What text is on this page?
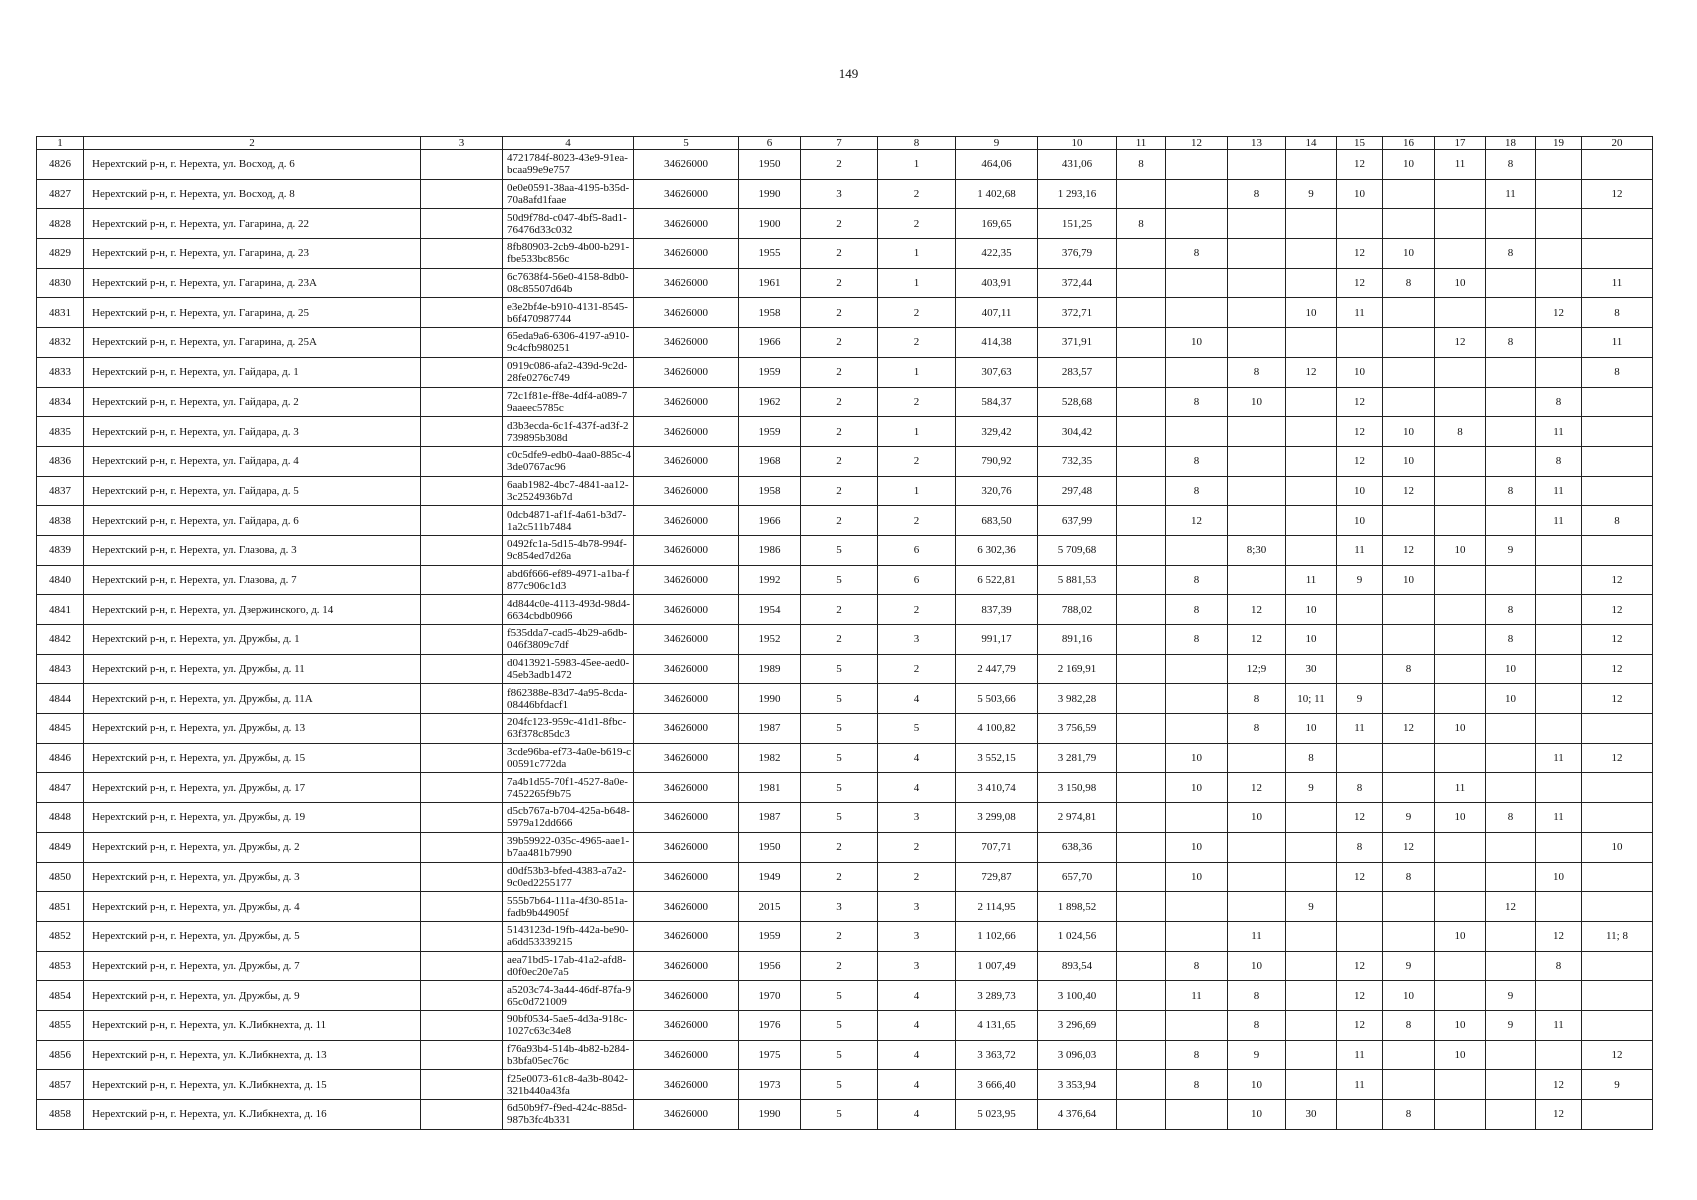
149
1	2	3	4	5	6	7	8	9	10	11	12	13	14	15	16	17	18	19	20
4826	Нерехтский р-н, г. Нерехта, ул. Восход, д. 6		4721784f-8023-43e9-91ea-bcaa99e9e757	34626000	1950	2	1	464,06	431,06	8				12	10	11	8		
4827	Нерехтский р-н, г. Нерехта, ул. Восход, д. 8		0e0e0591-38aa-4195-b35d-70a8afd1faae	34626000	1990	3	2	1 402,68	1 293,16			8	9	10			11		12
4828	Нерехтский р-н, г. Нерехта, ул. Гагарина, д. 22		50d9f78d-c047-4bf5-8ad1-76476d33c032	34626000	1900	2	2	169,65	151,25	8									
4829	Нерехтский р-н, г. Нерехта, ул. Гагарина, д. 23		8fb80903-2cb9-4b00-b291-fbe533bc856c	34626000	1955	2	1	422,35	376,79		8			12	10		8		
4830	Нерехтский р-н, г. Нерехта, ул. Гагарина, д. 23А		6c7638f4-56e0-4158-8db0-08c85507d64b	34626000	1961	2	1	403,91	372,44					12	8	10			11
4831	Нерехтский р-н, г. Нерехта, ул. Гагарина, д. 25		e3e2bf4e-b910-4131-8545-b6f470987744	34626000	1958	2	2	407,11	372,71				10	11				12	8
4832	Нерехтский р-н, г. Нерехта, ул. Гагарина, д. 25А		65eda9a6-6306-4197-a910-9c4cfb980251	34626000	1966	2	2	414,38	371,91		10					12	8		11
4833	Нерехтский р-н, г. Нерехта, ул. Гайдара, д. 1		0919c086-afa2-439d-9c2d-28fe0276c749	34626000	1959	2	1	307,63	283,57			8	12	10					8
4834	Нерехтский р-н, г. Нерехта, ул. Гайдара, д. 2		72c1f81e-ff8e-4df4-a089-79aaeec5785c	34626000	1962	2	2	584,37	528,68		8	10		12				8	
4835	Нерехтский р-н, г. Нерехта, ул. Гайдара, д. 3		d3b3ecda-6c1f-437f-ad3f-2739895b308d	34626000	1959	2	1	329,42	304,42					12	10	8		11	
4836	Нерехтский р-н, г. Нерехта, ул. Гайдара, д. 4		c0c5dfe9-edb0-4aa0-885c-43de0767ac96	34626000	1968	2	2	790,92	732,35		8			12	10			8	
4837	Нерехтский р-н, г. Нерехта, ул. Гайдара, д. 5		6aab1982-4bc7-4841-aa12-3c2524936b7d	34626000	1958	2	1	320,76	297,48		8			10	12		8	11	
4838	Нерехтский р-н, г. Нерехта, ул. Гайдара, д. 6		0dcb4871-af1f-4a61-b3d7-1a2c511b7484	34626000	1966	2	2	683,50	637,99		12			10				11	8
4839	Нерехтский р-н, г. Нерехта, ул. Глазова, д. 3		0492fc1a-5d15-4b78-994f-9c854ed7d26a	34626000	1986	5	6	6 302,36	5 709,68			8;30		11	12	10	9		
4840	Нерехтский р-н, г. Нерехта, ул. Глазова, д. 7		abd6f666-ef89-4971-a1ba-f877c906c1d3	34626000	1992	5	6	6 522,81	5 881,53		8		11	9	10				12
4841	Нерехтский р-н, г. Нерехта, ул. Дзержинского, д. 14		4d844c0e-4113-493d-98d4-6634cbdb0966	34626000	1954	2	2	837,39	788,02		8	12	10				8		12
4842	Нерехтский р-н, г. Нерехта, ул. Дружбы, д. 1		f535dda7-cad5-4b29-a6db-046f3809c7df	34626000	1952	2	3	991,17	891,16		8	12	10				8		12
4843	Нерехтский р-н, г. Нерехта, ул. Дружбы, д. 11		d0413921-5983-45ee-aed0-45eb3adb1472	34626000	1989	5	2	2 447,79	2 169,91			12;9	30		8		10		12
4844	Нерехтский р-н, г. Нерехта, ул. Дружбы, д. 11А		f862388e-83d7-4a95-8cda-08446bfdacf1	34626000	1990	5	4	5 503,66	3 982,28			8	10; 11	9			10		12
4845	Нерехтский р-н, г. Нерехта, ул. Дружбы, д. 13		204fc123-959c-41d1-8fbc-63f378c85dc3	34626000	1987	5	5	4 100,82	3 756,59			8	10	11	12	10			
4846	Нерехтский р-н, г. Нерехта, ул. Дружбы, д. 15		3cde96ba-ef73-4a0e-b619-c00591c772da	34626000	1982	5	4	3 552,15	3 281,79		10		8					11	12
4847	Нерехтский р-н, г. Нерехта, ул. Дружбы, д. 17		7a4b1d55-70f1-4527-8a0e-7452265f9b75	34626000	1981	5	4	3 410,74	3 150,98		10	12	9	8		11			
4848	Нерехтский р-н, г. Нерехта, ул. Дружбы, д. 19		d5cb767a-b704-425a-b648-5979a12dd666	34626000	1987	5	3	3 299,08	2 974,81			10		12	9	10	8	11	
4849	Нерехтский р-н, г. Нерехта, ул. Дружбы, д. 2		39b59922-035c-4965-aae1-b7aa481b7990	34626000	1950	2	2	707,71	638,36		10			8	12				10
4850	Нерехтский р-н, г. Нерехта, ул. Дружбы, д. 3		d0df53b3-bfed-4383-a7a2-9c0ed2255177	34626000	1949	2	2	729,87	657,70		10			12	8			10	
4851	Нерехтский р-н, г. Нерехта, ул. Дружбы, д. 4		555b7b64-111a-4f30-851a-fadb9b44905f	34626000	2015	3	3	2 114,95	1 898,52				9				12		
4852	Нерехтский р-н, г. Нерехта, ул. Дружбы, д. 5		5143123d-19fb-442a-be90-a6dd53339215	34626000	1959	2	3	1 102,66	1 024,56			11				10		12	11; 8
4853	Нерехтский р-н, г. Нерехта, ул. Дружбы, д. 7		aea71bd5-17ab-41a2-afd8-d0f0ec20e7a5	34626000	1956	2	3	1 007,49	893,54		8	10		12	9			8	
4854	Нерехтский р-н, г. Нерехта, ул. Дружбы, д. 9		a5203c74-3a44-46df-87fa-965c0d721009	34626000	1970	5	4	3 289,73	3 100,40		11	8		12	10		9		
4855	Нерехтский р-н, г. Нерехта, ул. К.Либкнехта, д. 11		90bf0534-5ae5-4d3a-918c-1027c63c34e8	34626000	1976	5	4	4 131,65	3 296,69			8		12	8	10	9	11	
4856	Нерехтский р-н, г. Нерехта, ул. К.Либкнехта, д. 13		f76a93b4-514b-4b82-b284-b3bfa05ec76c	34626000	1975	5	4	3 363,72	3 096,03		8	9		11		10			12
4857	Нерехтский р-н, г. Нерехта, ул. К.Либкнехта, д. 15		f25e0073-61c8-4a3b-8042-321b440a43fa	34626000	1973	5	4	3 666,40	3 353,94		8	10		11				12	9
4858	Нерехтский р-н, г. Нерехта, ул. К.Либкнехта, д. 16		6d50b9f7-f9ed-424c-885d-987b3fc4b331	34626000	1990	5	4	5 023,95	4 376,64			10	30		8			12	
